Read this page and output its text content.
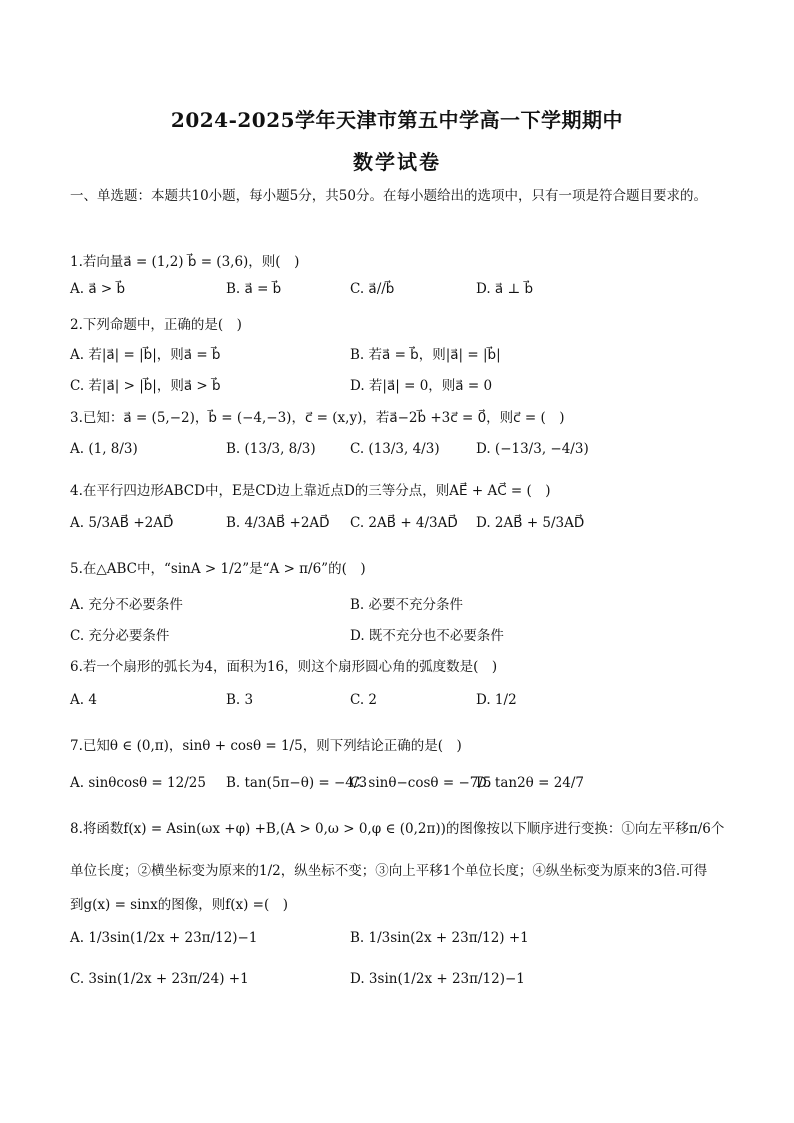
2024-2025学年天津市第五中学高一下学期期中
数学试卷
一、单选题：本题共10小题，每小题5分，共50分。在每小题给出的选项中，只有一项是符合题目要求的。
1.若向量a⃗ = (1,2) b⃗ = (3,6)，则(　)
A. a⃗ > b⃗	B. a⃗ = b⃗	C. a⃗//b⃗	D. a⃗ ⊥ b⃗
2.下列命题中，正确的是(　)
A. 若|a⃗| = |b⃗|，则a⃗ = b⃗	B. 若a⃗ = b⃗，则|a⃗| = |b⃗|
C. 若|a⃗| > |b⃗|，则a⃗ > b⃗	D. 若|a⃗| = 0，则a⃗ = 0
3.已知：a⃗ = (5,−2)，b⃗ = (−4,−3)，c⃗ = (x,y)，若a⃗−2b⃗ +3c⃗ = 0⃗，则c⃗ = (　)
A. (1, 8/3)	B. (13/3, 8/3)	C. (13/3, 4/3)	D. (−13/3, −4/3)
4.在平行四边形ABCD中，E是CD边上靠近点D的三等分点，则AE⃗ + AC⃗ = (　)
A. 5/3AB⃗ +2AD⃗	B. 4/3AB⃗ +2AD⃗ C. 2AB⃗ + 4/3AD⃗ D. 2AB⃗ + 5/3AD⃗
5.在△ABC中，“sinA > 1/2”是“A > π/6”的(　)
A. 充分不必要条件	B. 必要不充分条件
C. 充分必要条件	D. 既不充分也不必要条件
6.若一个扇形的弧长为4，面积为16，则这个扇形圆心角的弧度数是(　)
A. 4	B. 3	C. 2	D. 1/2
7.已知θ ∈ (0,π)，sinθ + cosθ = 1/5，则下列结论正确的是(　)
A. sinθcosθ = 12/25 B. tan(5π−θ) = −4/3
C. sinθ−cosθ = −7/5
D. tan2θ = 24/7
8.将函数f(x) = Asin(ωx +φ) +B,(A > 0,ω > 0,φ ∈ (0,2π))的图像按以下顺序进行变换：①向左平移π/6个
单位长度；②横坐标变为原来的1/2，纵坐标不变；③向上平移1个单位长度；④纵坐标变为原来的3倍.可得
到g(x) = sinx的图像，则f(x) =(　)
A. 1/3sin(1/2x + 23π/12)−1	B. 1/3sin(2x + 23π/12) +1
C. 3sin(1/2x + 23π/24) +1	D. 3sin(1/2x + 23π/12)−1
